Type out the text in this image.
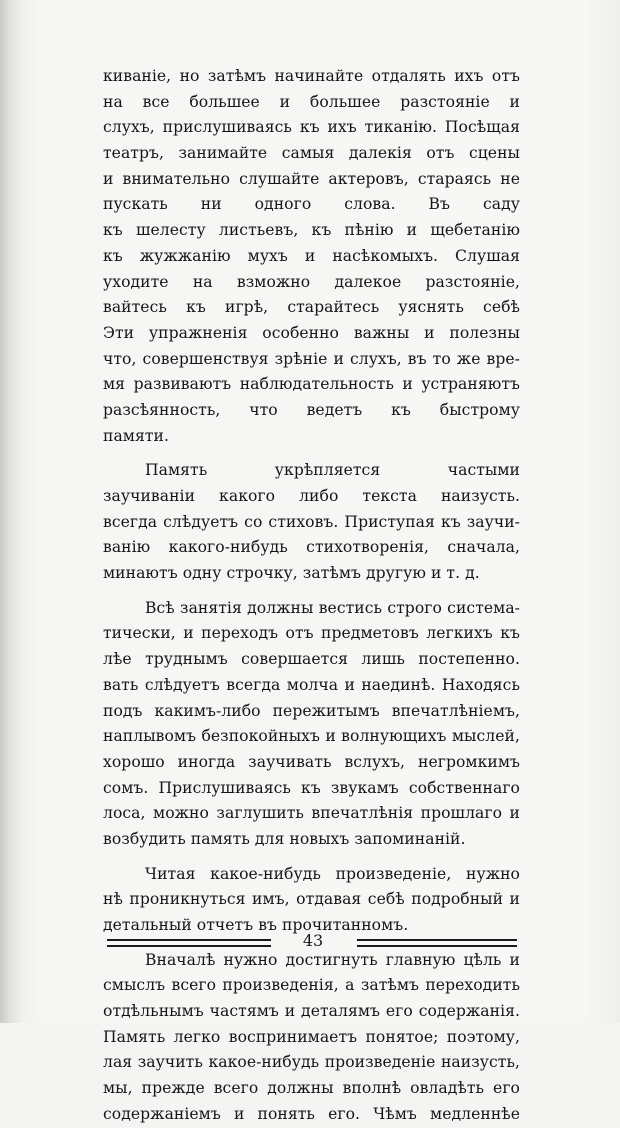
киваніе, но затѣмъ начинайте отдалять ихъ отъ
на все большее и большее разстояніе и
слухъ, прислушиваясь къ ихъ тиканію. Посѣщая
театръ, занимайте самыя далекія отъ сцены
и внимательно слушайте актеровъ, стараясь не
пускать ни одного слова. Въ саду
къ шелесту листьевъ, къ пѣнію и щебетанію
къ жужжанію мухъ и насѣкомыхъ. Слушая
уходите на взможно далекое разстояніе,
вайтесь къ игрѣ, старайтесь уяснять себѣ
Эти упражненія особенно важны и полезны
что, совершенствуя зрѣніе и слухъ, въ то же вре-
мя развиваютъ наблюдательность и устраняютъ
разсѣянность, что ведетъ къ быстрому
памяти.
Память укрѣпляется частыми
заучиваніи какого либо текста наизусть.
всегда слѣдуетъ со стиховъ. Приступая къ заучи-
ванію какого-нибудь стихотворенія, сначала,
минаютъ одну строчку, затѣмъ другую и т. д.
Всѣ занятія должны вестись строго система-
тически, и переходъ отъ предметовъ легкихъ къ
лѣе труднымъ совершается лишь постепенно.
вать слѣдуетъ всегда молча и наединѣ. Находясь
подъ какимъ-либо пережитымъ впечатлѣніемъ,
наплывомъ безпокойныхъ и волнующихъ мыслей,
хорошо иногда заучивать вслухъ, негромкимъ
сомъ. Прислушиваясь къ звукамъ собственнаго
лоса, можно заглушить впечатлѣнія прошлаго и
возбудить память для новыхъ запоминаній.
Читая какое-нибудь произведеніе, нужно
нѣ проникнуться имъ, отдавая себѣ подробный и
детальный отчетъ въ прочитанномъ.
Вначалѣ нужно достигнуть главную цѣль и
смыслъ всего произведенія, а затѣмъ переходить
отдѣльнымъ частямъ и деталямъ его содержанія.
Память легко воспринимаетъ понятое; поэтому,
лая заучить какое-нибудь произведеніе наизусть,
мы, прежде всего должны вполнѣ овладѣть его
содержаніемъ и понять его. Чѣмъ медленнѣе
43
